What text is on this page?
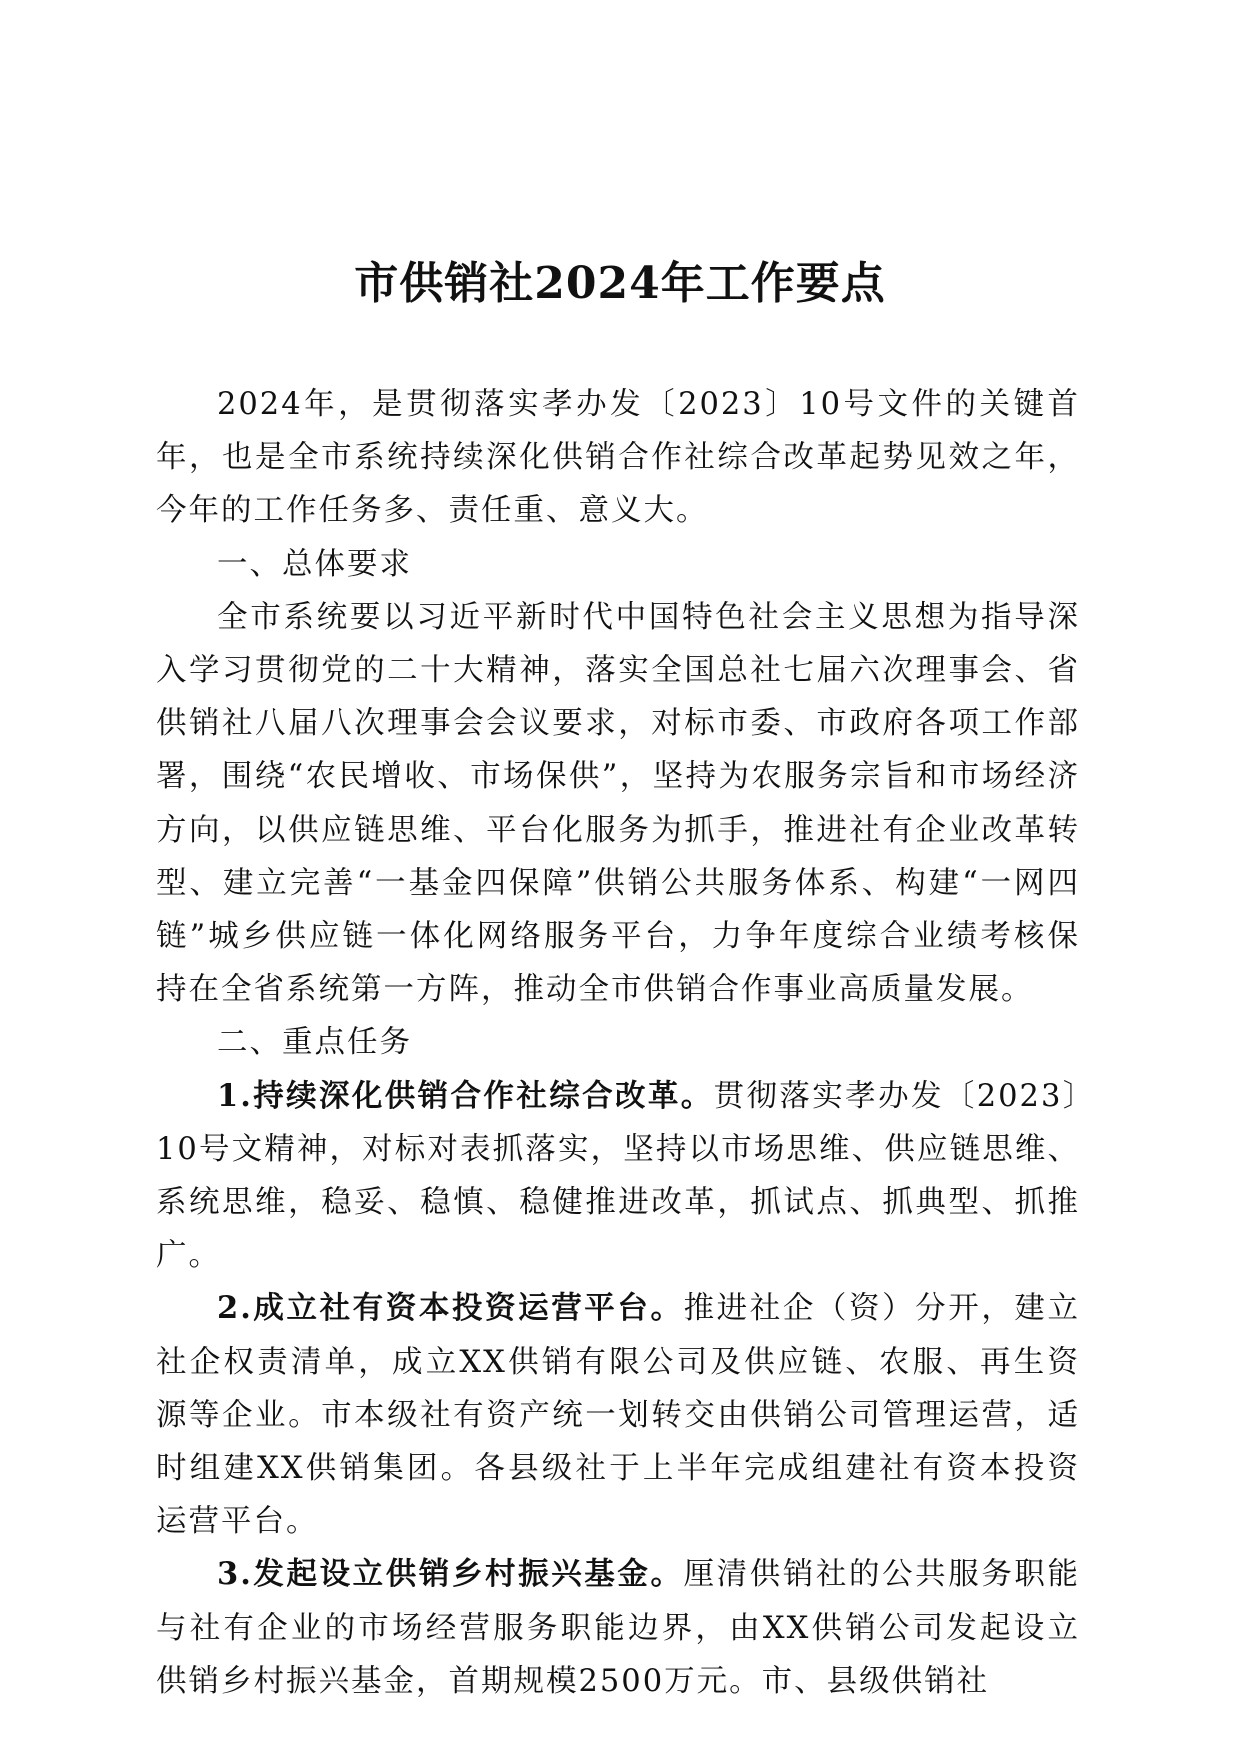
市供销社2024年工作要点

2024年，是贯彻落实孝办发〔2023〕10号文件的关键首年，也是全市系统持续深化供销合作社综合改革起势见效之年，今年的工作任务多、责任重、意义大。

一、总体要求

全市系统要以习近平新时代中国特色社会主义思想为指导深入学习贯彻党的二十大精神，落实全国总社七届六次理事会、省供销社八届八次理事会会议要求，对标市委、市政府各项工作部署，围绕“农民增收、市场保供”，坚持为农服务宗旨和市场经济方向，以供应链思维、平台化服务为抓手，推进社有企业改革转型、建立完善“一基金四保障”供销公共服务体系、构建“一网四链”城乡供应链一体化网络服务平台，力争年度综合业绩考核保持在全省系统第一方阵，推动全市供销合作事业高质量发展。

二、重点任务

1.持续深化供销合作社综合改革。贯彻落实孝办发〔2023〕10号文精神，对标对表抓落实，坚持以市场思维、供应链思维、系统思维，稳妥、稳慎、稳健推进改革，抓试点、抓典型、抓推广。

2.成立社有资本投资运营平台。推进社企（资）分开，建立社企权责清单，成立XX供销有限公司及供应链、农服、再生资源等企业。市本级社有资产统一划转交由供销公司管理运营，适时组建XX供销集团。各县级社于上半年完成组建社有资本投资运营平台。

3.发起设立供销乡村振兴基金。厘清供销社的公共服务职能与社有企业的市场经营服务职能边界，由XX供销公司发起设立供销乡村振兴基金，首期规模2500万元。市、县级供销社
